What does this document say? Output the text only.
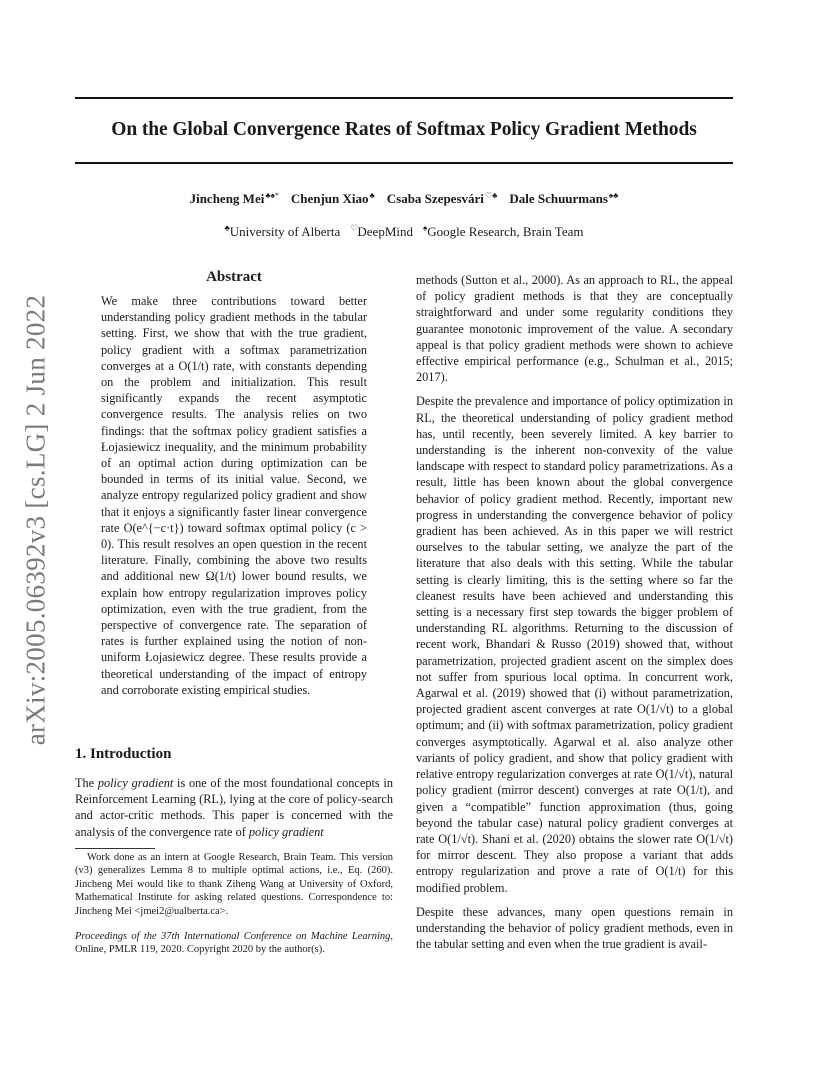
On the Global Convergence Rates of Softmax Policy Gradient Methods
Jincheng Mei♣♠* Chenjun Xiao♣ Csaba Szepesvári♡♣ Dale Schuurmans♠♣
♣University of Alberta ♡DeepMind ♠Google Research, Brain Team
arXiv:2005.06392v3 [cs.LG] 2 Jun 2022
Abstract
We make three contributions toward better understanding policy gradient methods in the tabular setting. First, we show that with the true gradient, policy gradient with a softmax parametrization converges at a O(1/t) rate, with constants depending on the problem and initialization. This result significantly expands the recent asymptotic convergence results. The analysis relies on two findings: that the softmax policy gradient satisfies a Łojasiewicz inequality, and the minimum probability of an optimal action during optimization can be bounded in terms of its initial value. Second, we analyze entropy regularized policy gradient and show that it enjoys a significantly faster linear convergence rate O(e^{−c·t}) toward softmax optimal policy (c > 0). This result resolves an open question in the recent literature. Finally, combining the above two results and additional new Ω(1/t) lower bound results, we explain how entropy regularization improves policy optimization, even with the true gradient, from the perspective of convergence rate. The separation of rates is further explained using the notion of non-uniform Łojasiewicz degree. These results provide a theoretical understanding of the impact of entropy and corroborate existing empirical studies.
1. Introduction
The policy gradient is one of the most foundational concepts in Reinforcement Learning (RL), lying at the core of policy-search and actor-critic methods. This paper is concerned with the analysis of the convergence rate of policy gradient
Work done as an intern at Google Research, Brain Team. This version (v3) generalizes Lemma 8 to multiple optimal actions, i.e., Eq. (260). Jincheng Mei would like to thank Ziheng Wang at University of Oxford, Mathematical Institute for asking related questions. Correspondence to: Jincheng Mei <jmei2@ualberta.ca>.
Proceedings of the 37th International Conference on Machine Learning, Online, PMLR 119, 2020. Copyright 2020 by the author(s).

methods (Sutton et al., 2000). As an approach to RL, the appeal of policy gradient methods is that they are conceptually straightforward and under some regularity conditions they guarantee monotonic improvement of the value. A secondary appeal is that policy gradient methods were shown to achieve effective empirical performance (e.g., Schulman et al., 2015; 2017).

Despite the prevalence and importance of policy optimization in RL, the theoretical understanding of policy gradient method has, until recently, been severely limited. A key barrier to understanding is the inherent non-convexity of the value landscape with respect to standard policy parametrizations. As a result, little has been known about the global convergence behavior of policy gradient method. Recently, important new progress in understanding the convergence behavior of policy gradient has been achieved. As in this paper we will restrict ourselves to the tabular setting, we analyze the part of the literature that also deals with this setting. While the tabular setting is clearly limiting, this is the setting where so far the cleanest results have been achieved and understanding this setting is a necessary first step towards the bigger problem of understanding RL algorithms. Returning to the discussion of recent work, Bhandari & Russo (2019) showed that, without parametrization, projected gradient ascent on the simplex does not suffer from spurious local optima. In concurrent work, Agarwal et al. (2019) showed that (i) without parametrization, projected gradient ascent converges at rate O(1/√t) to a global optimum; and (ii) with softmax parametrization, policy gradient converges asymptotically. Agarwal et al. also analyze other variants of policy gradient, and show that policy gradient with relative entropy regularization converges at rate O(1/√t), natural policy gradient (mirror descent) converges at rate O(1/t), and given a “compatible” function approximation (thus, going beyond the tabular case) natural policy gradient converges at rate O(1/√t). Shani et al. (2020) obtains the slower rate O(1/√t) for mirror descent. They also propose a variant that adds entropy regularization and prove a rate of O(1/t) for this modified problem.

Despite these advances, many open questions remain in understanding the behavior of policy gradient methods, even in the tabular setting and even when the true gradient is avail-
